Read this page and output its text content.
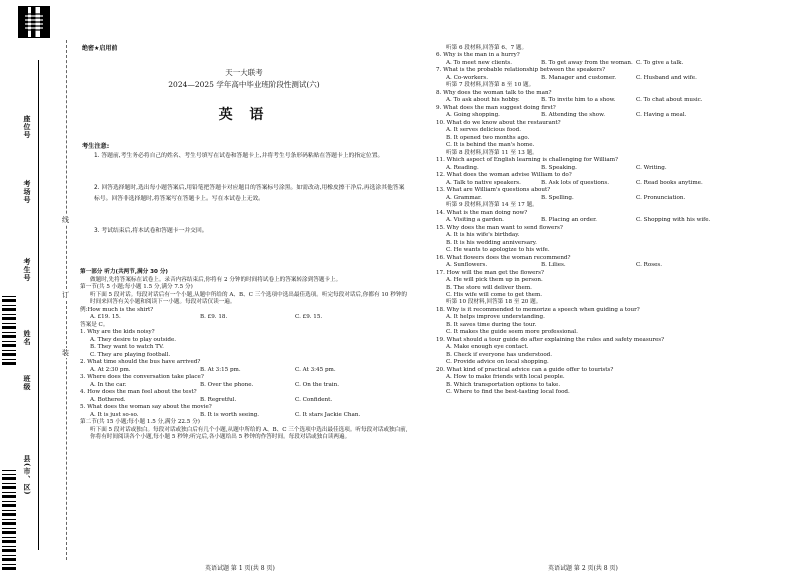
座位号
考场号
考生号
姓名
班级
县(市、区)
线
订
装
绝密★启用前
天一大联考
2024—2025 学年高中毕业班阶段性测试(六)
英 语
考生注意:
1. 答题前,考生务必将自己的姓名、考生号填写在试卷和答题卡上,并将考生号条形码粘贴在答题卡上的指定位置。
2. 回答选择题时,选出每小题答案后,用铅笔把答题卡对应题目的答案标号涂黑。如需改动,用橡皮擦干净后,再选涂其他答案标号。回答非选择题时,将答案写在答题卡上。写在本试卷上无效。
3. 考试结束后,将本试卷和答题卡一并交回。

第一部分 听力(共两节,满分 30 分)

做题时,先将答案标在试卷上。录音内容结束后,你将有 2 分钟的时间将试卷上的答案转涂到答题卡上。

第一节(共 5 小题;每小题 1.5 分,满分 7.5 分)

听下面 5 段对话。每段对话后有一个小题,从题中所给的 A、B、C 三个选项中选出最佳选项。听完每段对话后,你都有 10 秒钟的时间来回答有关小题和阅读下一小题。每段对话仅读一遍。

例:How much is the shirt?

A. £19. 15.	B. £9. 18.	C. £9. 15.

答案是 C。

1. Why are the kids noisy?

A. They desire to play outside.

B. They want to watch TV.

C. They are playing football.

2. What time should the bus have arrived?

A. At 2:30 pm.	B. At 3:15 pm.	C. At 3:45 pm.

3. Where does the conversation take place?

A. In the car.	B. Over the phone.	C. On the train.

4. How does the man feel about the test?

A. Bothered.	B. Regretful.	C. Confident.

5. What does the woman say about the movie?

A. It is just so-so.	B. It is worth seeing.	C. It stars Jackie Chan.

第二节(共 15 小题;每小题 1.5 分,满分 22.5 分)

听下面 5 段对话或独白。每段对话或独白后有几个小题,从题中所给的 A、B、C 三个选项中选出最佳选项。听每段对话或独白前,你将有时间阅读各个小题,每小题 5 秒钟;听完后,各小题给出 5 秒钟的作答时间。每段对话或独白读两遍。

听第 6 段材料,回答第 6、7 题。

6. Why is the man in a hurry?

A. To meet new clients.	B. To get away from the woman. C. To give a talk.

7. What is the probable relationship between the speakers?

A. Co-workers.	B. Manager and customer.	C. Husband and wife.

听第 7 段材料,回答第 8 至 10 题。

8. Why does the woman talk to the man?

A. To ask about his hobby.	B. To invite him to a show.	C. To chat about music.

9. What does the man suggest doing first?

A. Going shopping.	B. Attending the show.	C. Having a meal.

10. What do we know about the restaurant?

A. It serves delicious food.

B. It opened two months ago.

C. It is behind the man's home.

听第 8 段材料,回答第 11 至 13 题。

11. Which aspect of English learning is challenging for William?

A. Reading.	B. Speaking.	C. Writing.

12. What does the woman advise William to do?

A. Talk to native speakers.	B. Ask lots of questions.	C. Read books anytime.

13. What are William's questions about?

A. Grammar.	B. Spelling.	C. Pronunciation.

听第 9 段材料,回答第 14 至 17 题。

14. What is the man doing now?

A. Visiting a garden.	B. Placing an order.	C. Shopping with his wife.

15. Why does the man want to send flowers?

A. It is his wife's birthday.

B. It is his wedding anniversary.

C. He wants to apologize to his wife.

16. What flowers does the woman recommend?

A. Sunflowers.	B. Lilies.	C. Roses.

17. How will the man get the flowers?

A. He will pick them up in person.

B. The store will deliver them.

C. His wife will come to get them.

听第 10 段材料,回答第 18 至 20 题。

18. Why is it recommended to memorize a speech when guiding a tour?

A. It helps improve understanding.

B. It saves time during the tour.

C. It makes the guide seem more professional.

19. What should a tour guide do after explaining the rules and safety measures?

A. Make enough eye contact.

B. Check if everyone has understood.

C. Provide advice on local shopping.

20. What kind of practical advice can a guide offer to tourists?

A. How to make friends with local people.

B. Which transportation options to take.

C. Where to find the best-tasting local food.

英语试题 第 1 页(共 8 页)	英语试题 第 2 页(共 8 页)
